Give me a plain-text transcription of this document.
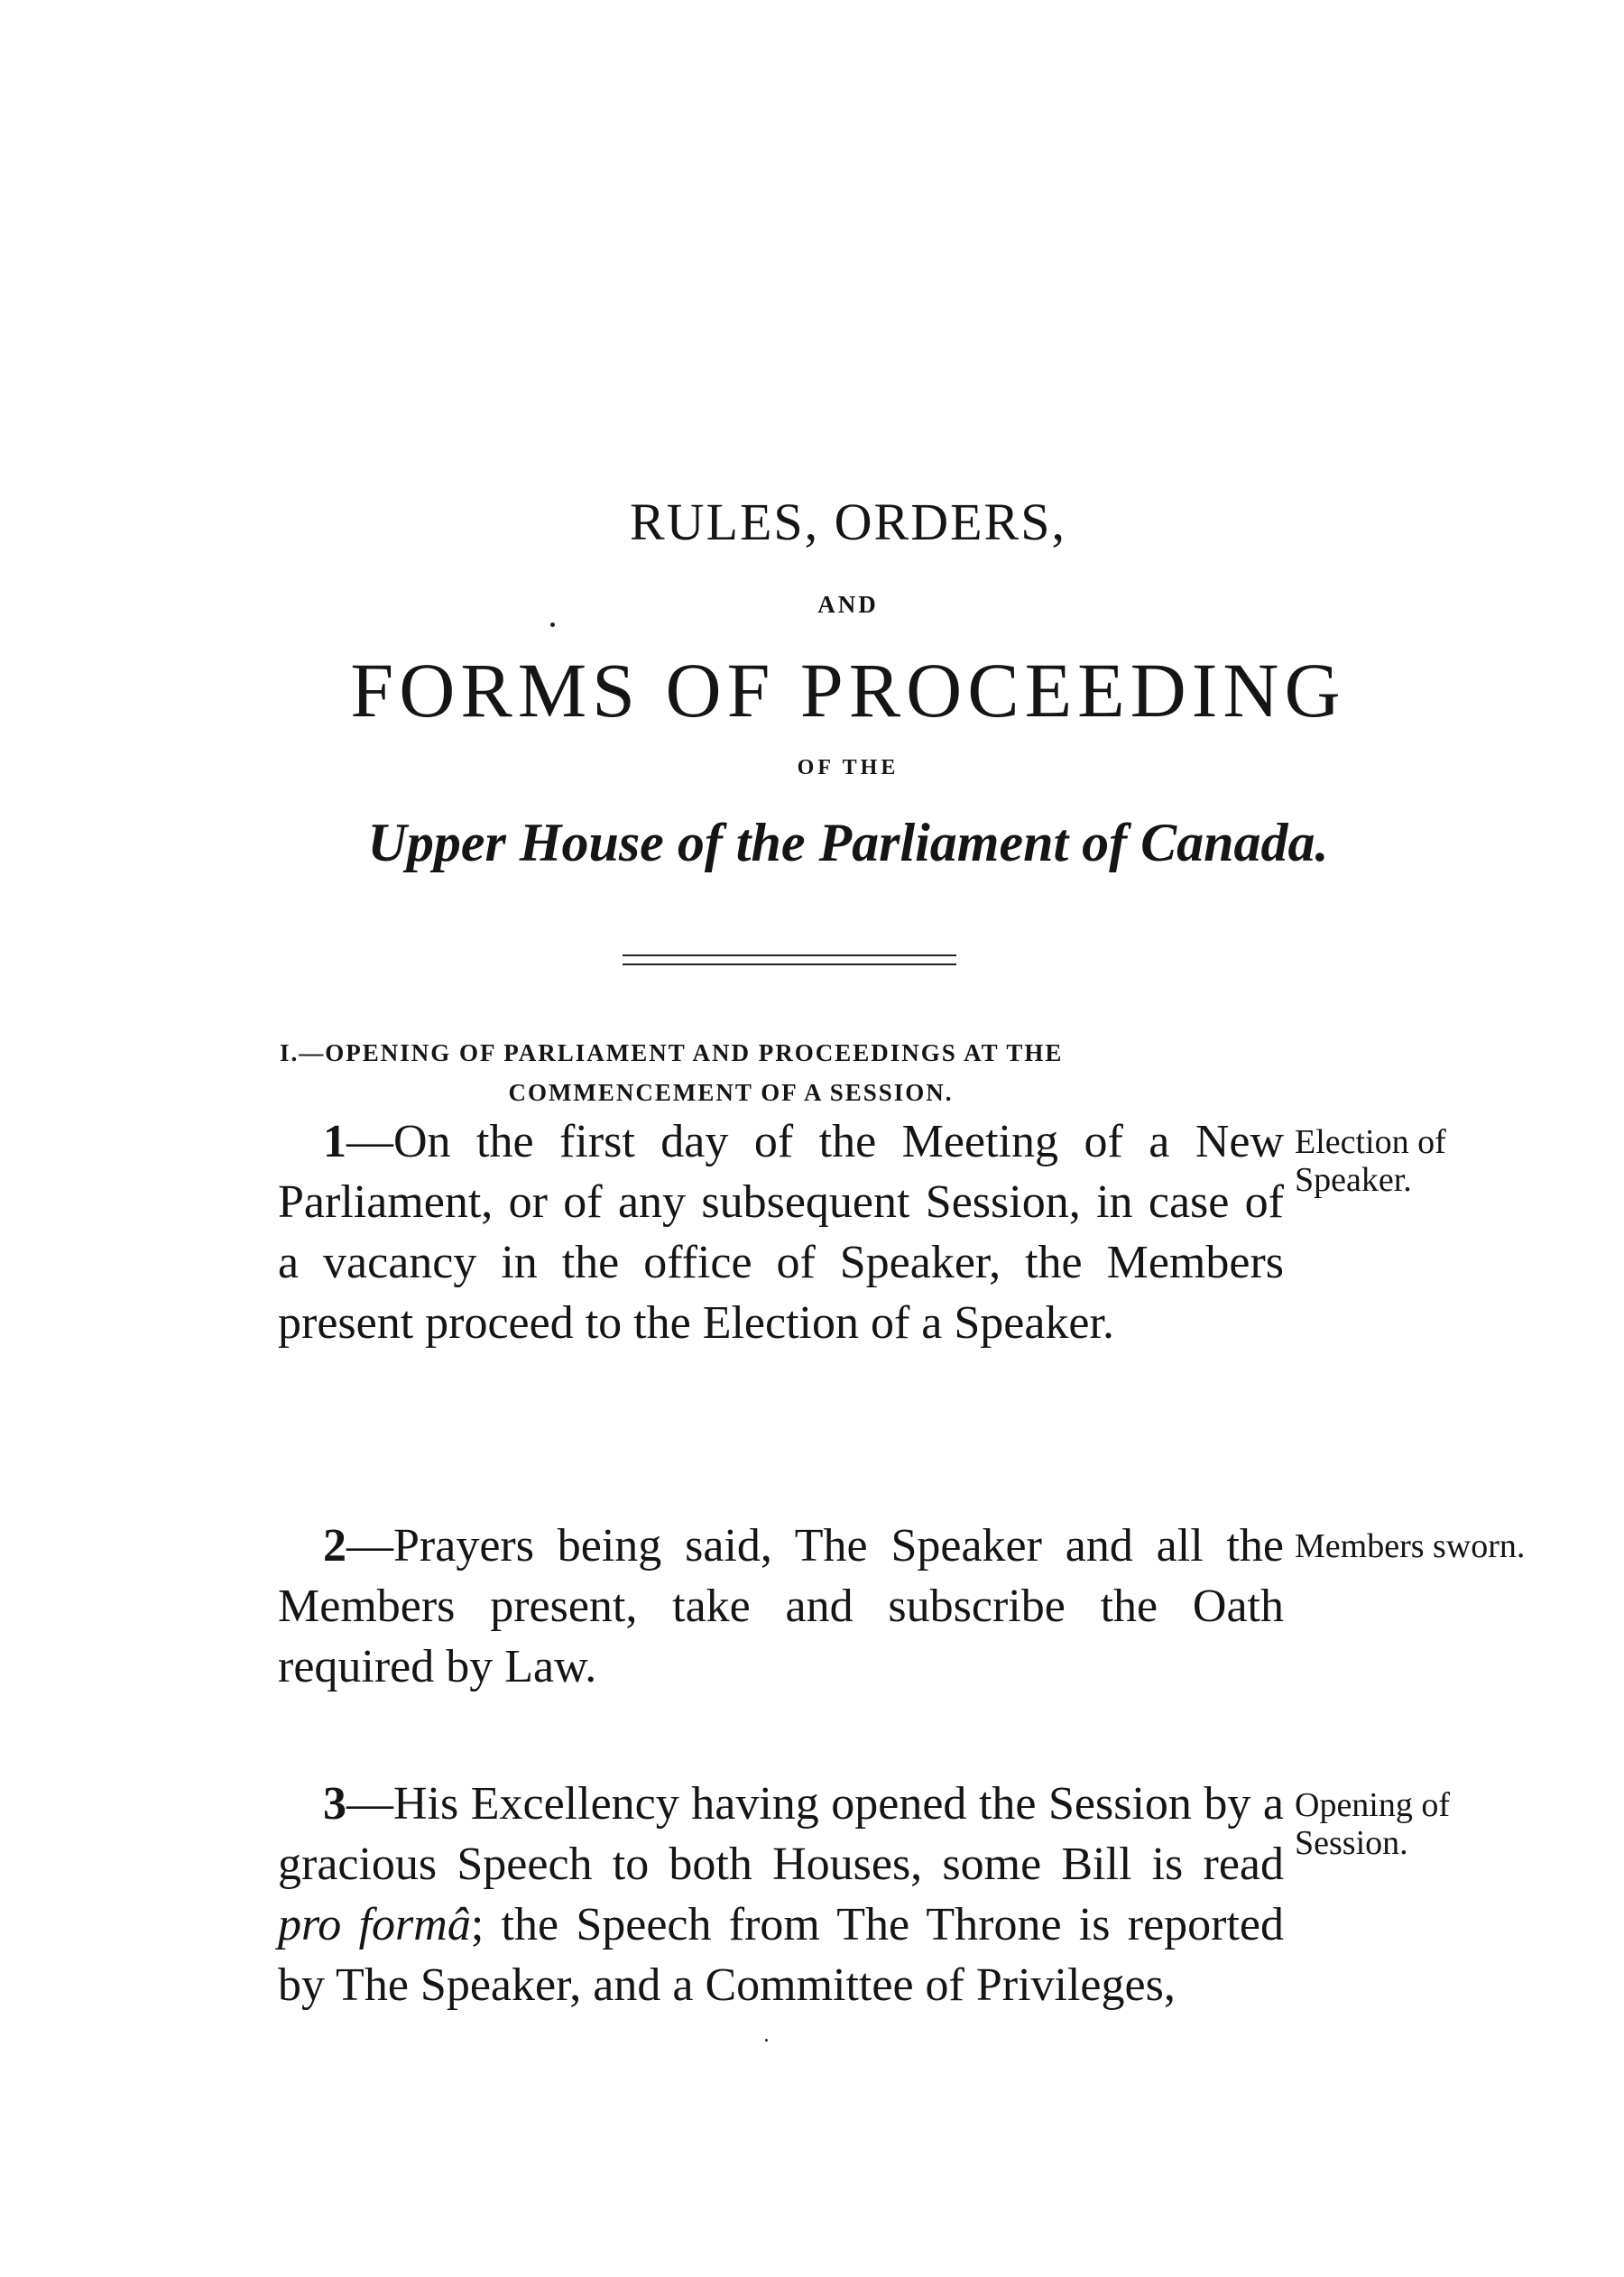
RULES, ORDERS,
AND
FORMS OF PROCEEDING
OF THE
Upper House of the Parliament of Canada.
I.—OPENING OF PARLIAMENT AND PROCEEDINGS AT THE
COMMENCEMENT OF A SESSION.
1—On the first day of the Meeting of a New Parliament, or of any subsequent Session, in case of a vacancy in the office of Speaker, the Members present proceed to the Election of a Speaker.
Election of Speaker.
2—Prayers being said, The Speaker and all the Members present, take and subscribe the Oath required by Law.
Members sworn.
3—His Excellency having opened the Session by a gracious Speech to both Houses, some Bill is read pro formâ; the Speech from The Throne is reported by The Speaker, and a Committee of Privileges,
Opening of Session.
